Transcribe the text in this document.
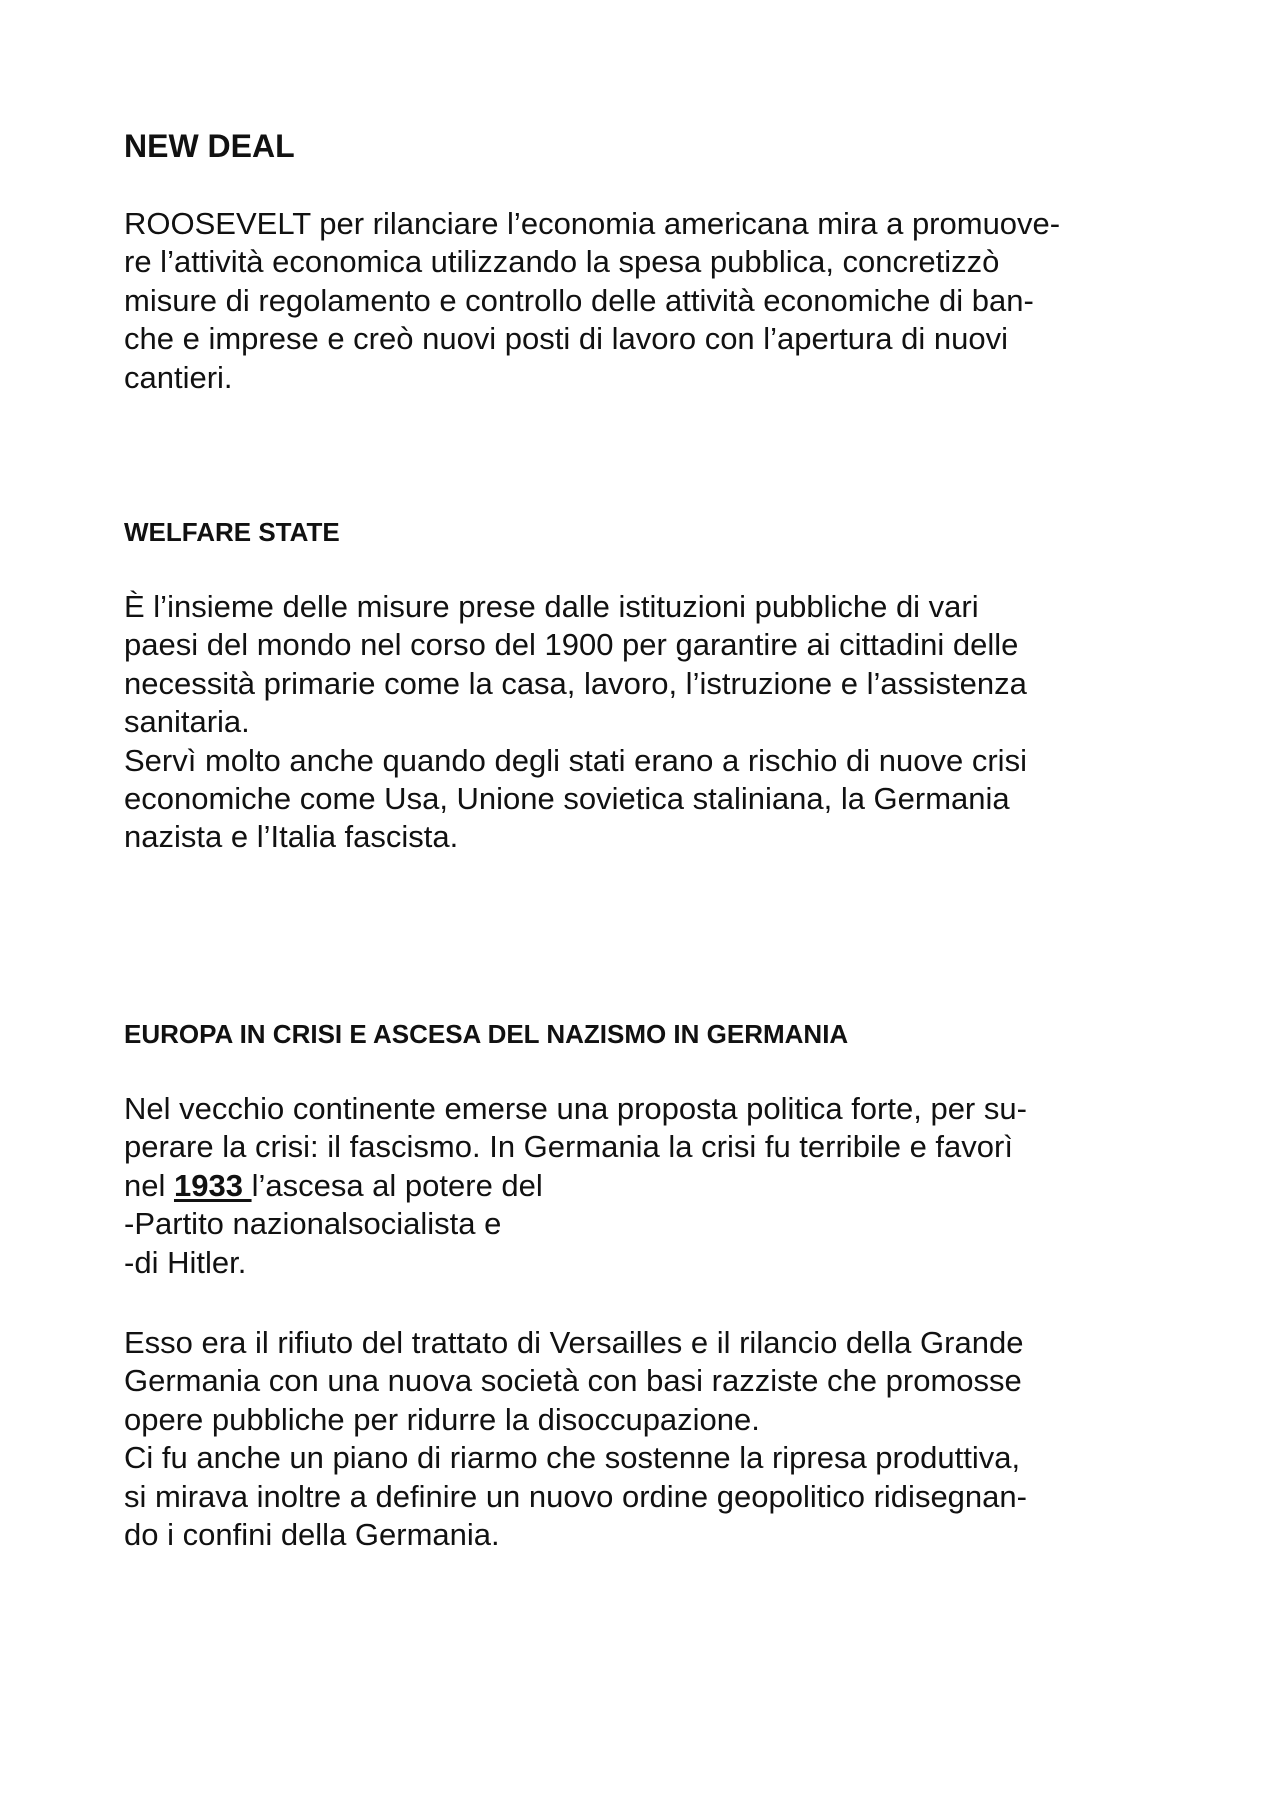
NEW DEAL

ROOSEVELT per rilanciare l’economia americana mira a promuove-
re l’attività economica utilizzando la spesa pubblica, concretizzò
misure di regolamento e controllo delle attività economiche di ban-
che e imprese e creò nuovi posti di lavoro con l’apertura di nuovi
cantieri.

WELFARE STATE

È l’insieme delle misure prese dalle istituzioni pubbliche di vari
paesi del mondo nel corso del 1900 per garantire ai cittadini delle
necessità primarie come la casa, lavoro, l’istruzione e l’assistenza
sanitaria.
Servì molto anche quando degli stati erano a rischio di nuove crisi
economiche come Usa, Unione sovietica staliniana, la Germania
nazista e l’Italia fascista.

EUROPA IN CRISI E ASCESA DEL NAZISMO IN GERMANIA

Nel vecchio continente emerse una proposta politica forte, per su-
perare la crisi: il fascismo. In Germania la crisi fu terribile e favorì
nel 1933 l’ascesa al potere del
-Partito nazionalsocialista e
-di Hitler.

Esso era il rifiuto del trattato di Versailles e il rilancio della Grande
Germania con una nuova società con basi razziste che promosse
opere pubbliche per ridurre la disoccupazione.
Ci fu anche un piano di riarmo che sostenne la ripresa produttiva,
si mirava inoltre a definire un nuovo ordine geopolitico ridisegnan-
do i confini della Germania.
